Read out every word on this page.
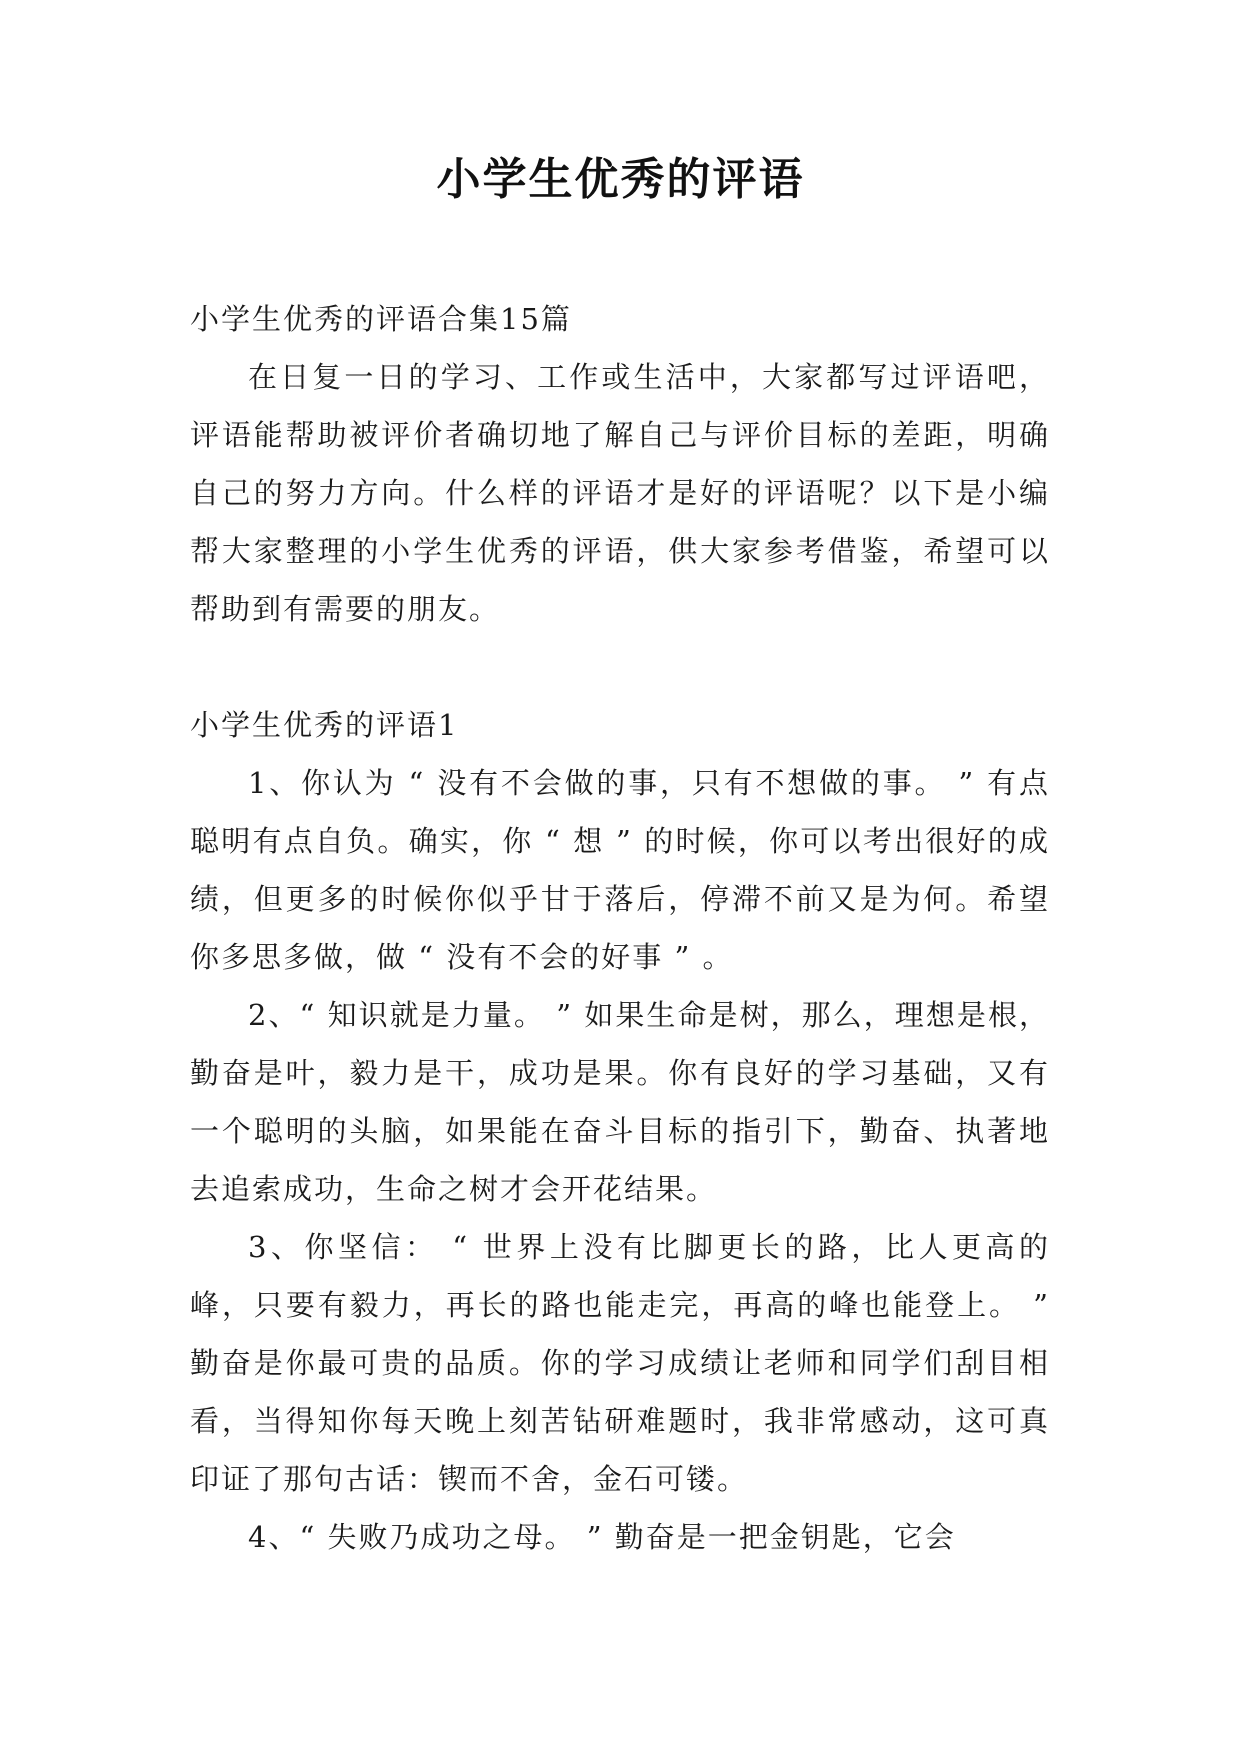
小学生优秀的评语

小学生优秀的评语合集15篇

在日复一日的学习、工作或生活中，大家都写过评语吧，评语能帮助被评价者确切地了解自己与评价目标的差距，明确自己的努力方向。什么样的评语才是好的评语呢？以下是小编帮大家整理的小学生优秀的评语，供大家参考借鉴，希望可以帮助到有需要的朋友。

小学生优秀的评语1

1、你认为 “ 没有不会做的事，只有不想做的事。 ” 有点聪明有点自负。确实，你 “ 想 ” 的时候，你可以考出很好的成绩，但更多的时候你似乎甘于落后，停滞不前又是为何。希望你多思多做，做 “ 没有不会的好事 ” 。

2、“ 知识就是力量。 ” 如果生命是树，那么，理想是根，勤奋是叶，毅力是干，成功是果。你有良好的学习基础，又有一个聪明的头脑，如果能在奋斗目标的指引下，勤奋、执著地去追索成功，生命之树才会开花结果。

3、你坚信： “ 世界上没有比脚更长的路，比人更高的峰，只要有毅力，再长的路也能走完，再高的峰也能登上。 ” 勤奋是你最可贵的品质。你的学习成绩让老师和同学们刮目相看，当得知你每天晚上刻苦钻研难题时，我非常感动，这可真印证了那句古话：锲而不舍，金石可镂。

4、“ 失败乃成功之母。 ” 勤奋是一把金钥匙，它会
